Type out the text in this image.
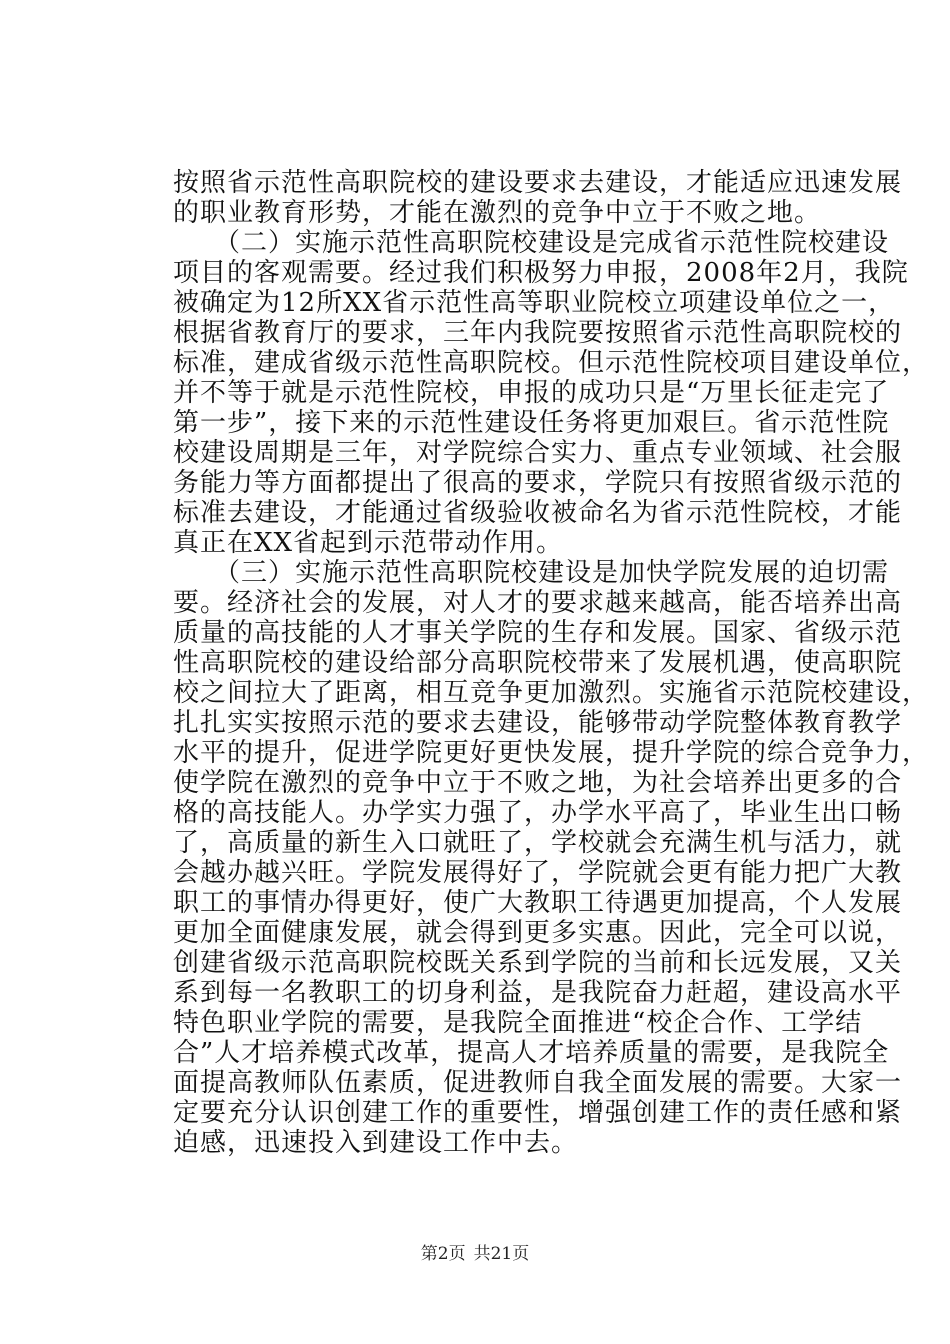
按照省示范性高职院校的建设要求去建设，才能适应迅速发展
的职业教育形势，才能在激烈的竞争中立于不败之地。
　　（二）实施示范性高职院校建设是完成省示范性院校建设
项目的客观需要。经过我们积极努力申报，2008年2月，我院
被确定为12所XX省示范性高等职业院校立项建设单位之一，
根据省教育厅的要求，三年内我院要按照省示范性高职院校的
标准，建成省级示范性高职院校。但示范性院校项目建设单位，
并不等于就是示范性院校，申报的成功只是“万里长征走完了
第一步”，接下来的示范性建设任务将更加艰巨。省示范性院
校建设周期是三年，对学院综合实力、重点专业领域、社会服
务能力等方面都提出了很高的要求，学院只有按照省级示范的
标准去建设，才能通过省级验收被命名为省示范性院校，才能
真正在XX省起到示范带动作用。
　　（三）实施示范性高职院校建设是加快学院发展的迫切需
要。经济社会的发展，对人才的要求越来越高，能否培养出高
质量的高技能的人才事关学院的生存和发展。国家、省级示范
性高职院校的建设给部分高职院校带来了发展机遇，使高职院
校之间拉大了距离，相互竞争更加激烈。实施省示范院校建设，
扎扎实实按照示范的要求去建设，能够带动学院整体教育教学
水平的提升，促进学院更好更快发展，提升学院的综合竞争力，
使学院在激烈的竞争中立于不败之地，为社会培养出更多的合
格的高技能人。办学实力强了，办学水平高了，毕业生出口畅
了，高质量的新生入口就旺了，学校就会充满生机与活力，就
会越办越兴旺。学院发展得好了，学院就会更有能力把广大教
职工的事情办得更好，使广大教职工待遇更加提高，个人发展
更加全面健康发展，就会得到更多实惠。因此，完全可以说，
创建省级示范高职院校既关系到学院的当前和长远发展，又关
系到每一名教职工的切身利益，是我院奋力赶超，建设高水平
特色职业学院的需要，是我院全面推进“校企合作、工学结
合”人才培养模式改革，提高人才培养质量的需要，是我院全
面提高教师队伍素质，促进教师自我全面发展的需要。大家一
定要充分认识创建工作的重要性，增强创建工作的责任感和紧
迫感，迅速投入到建设工作中去。
第2页 共21页
